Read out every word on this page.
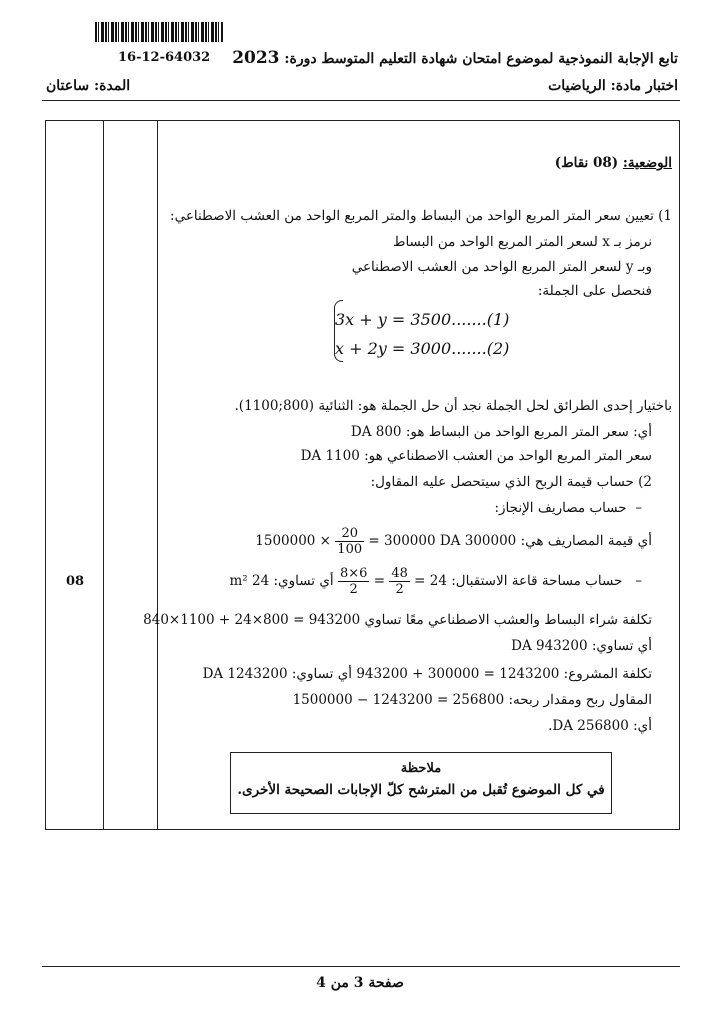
16-12-64032	تابع الإجابة النموذجية لموضوع امتحان شهادة التعليم المتوسط دورة: 2023
اختبار مادة: الرياضيات
المدة: ساعتان
08
الوضعية: (08 نقاط)
1) تعيين سعر المتر المربع الواحد من البساط والمتر المربع الواحد من العشب الاصطناعي:
نرمز بـ x لسعر المتر المربع الواحد من البساط
وبـ y لسعر المتر المربع الواحد من العشب الاصطناعي
فنحصل على الجملة:
3x + y = 3500.......(1)
x + 2y = 3000.......(2)
باختيار إحدى الطرائق لحل الجملة نجد أن حل الجملة هو: الثنائية (800;1100).
أي: سعر المتر المربع الواحد من البساط هو: 800 DA
سعر المتر المربع الواحد من العشب الاصطناعي هو: 1100 DA
2) حساب قيمة الربح الذي سيتحصل عليه المقاول:
–  حساب مصاريف الإنجاز:
أي قيمة المصاريف هي: 300000 DA $1500000 \times \frac{20}{100} = 300000$
–   حساب مساحة قاعة الاستقبال:
$\frac{8\times 6}{2} = \frac{48}{2} = 24$ أي تساوي: 24 m²
تكلفة شراء البساط والعشب الاصطناعي معًا تساوي 943200 = 800×24 + 1100×840
أي تساوي: 943200 DA
تكلفة المشروع: 1243200 = 300000 + 943200 أي تساوي: 1243200 DA
المقاول ربح ومقدار ربحه: 256800 = 1243200 − 1500000
أي: 256800 DA.
ملاحظة
في كل الموضوع تُقبل من المترشح كلّ الإجابات الصحيحة الأخرى.
صفحة 3 من 4
